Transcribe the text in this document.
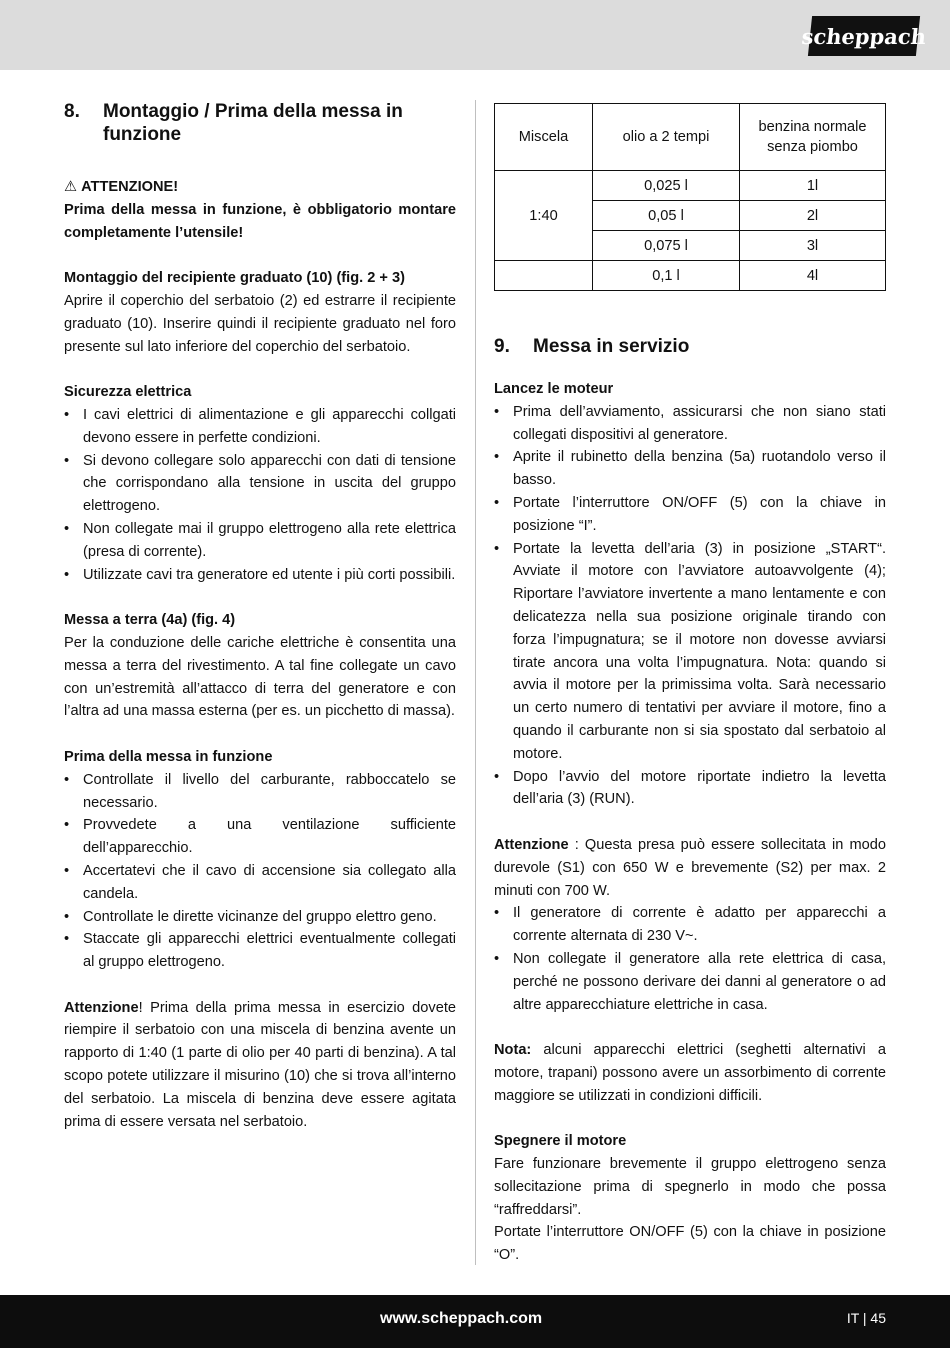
scheppach
8.	Montaggio / Prima della messa in funzione
⚠ ATTENZIONE!

Prima della messa in funzione, è obbligatorio montare completamente l’utensile!

Montaggio del recipiente graduato (10) (fig. 2 + 3)

Aprire il coperchio del serbatoio (2) ed estrarre il recipiente graduato (10). Inserire quindi il recipiente graduato nel foro presente sul lato inferiore del coperchio del serbatoio.

Sicurezza elettrica
• I cavi elettrici di alimentazione e gli apparecchi collgati devono essere in perfette condizioni.
• Si devono collegare solo apparecchi con dati di tensione che corrispondano alla tensione in uscita del gruppo elettrogeno.
• Non collegate mai il gruppo elettrogeno alla rete elettrica (presa di corrente).
• Utilizzate cavi tra generatore ed utente i più corti possibili.
Messa a terra (4a) (fig. 4)

Per la conduzione delle cariche elettriche è consentita una messa a terra del rivestimento. A tal fine collegate un cavo con un’estremità all’attacco di terra del generatore e con l’altra ad una massa esterna (per es. un picchetto di massa).

Prima della messa in funzione
• Controllate il livello del carburante, rabboccatelo se necessario.
• Provvedete a una ventilazione sufficiente dell’apparecchio.
• Accertatevi che il cavo di accensione sia collegato alla candela.
• Controllate le dirette vicinanze del gruppo elettro geno.
• Staccate gli apparecchi elettrici eventualmente collegati al gruppo elettrogeno.

Attenzione! Prima della prima messa in esercizio dovete riempire il serbatoio con una miscela di benzina avente un rapporto di 1:40 (1 parte di olio per 40 parti di benzina). A tal scopo potete utilizzare il misurino (10) che si trova all’interno del serbatoio. La miscela di benzina deve essere agitata prima di essere versata nel serbatoio.

Miscela	olio a 2 tempi	benzina normale senza piombo
1:40	0,025 l	1l
	0,05 l	2l
	0,075 l	3l
	0,1 l	4l
9.	Messa in servizio
Lancez le moteur
• Prima dell’avviamento, assicurarsi che non siano stati collegati dispositivi al generatore.
• Aprite il rubinetto della benzina (5a) ruotandolo verso il basso.
• Portate l’interruttore ON/OFF (5) con la chiave in posizione “I”.
• Portate la levetta dell’aria (3) in posizione „START“. Avviate il motore con l’avviatore autoavvolgente (4); Riportare l’avviatore invertente a mano lentamente e con delicatezza nella sua posizione originale tirando con forza l’impugnatura; se il motore non dovesse avviarsi tirate ancora una volta l’impugnatura. Nota: quando si avvia il motore per la primissima volta. Sarà necessario un certo numero di tentativi per avviare il motore, fino a quando il carburante non si sia spostato dal serbatoio al motore.
• Dopo l’avvio del motore riportate indietro la levetta dell’aria (3) (RUN).

Attenzione : Questa presa può essere sollecitata in modo durevole (S1) con 650 W e brevemente (S2) per max. 2 minuti con 700 W.

• Il generatore di corrente è adatto per apparecchi a corrente alternata di 230 V~.
• Non collegate il generatore alla rete elettrica di casa, perché ne possono derivare dei danni al generatore o ad altre apparecchiature elettriche in casa.

Nota: alcuni apparecchi elettrici (seghetti alternativi a motore, trapani) possono avere un assorbimento di corrente maggiore se utilizzati in condizioni difficili.

Spegnere il motore

Fare funzionare brevemente il gruppo elettrogeno senza sollecitazione prima di spegnerlo in modo che possa “raffreddarsi”.

Portate l’interruttore ON/OFF (5) con la chiave in posizione “O”.

www.scheppach.com	IT | 45
